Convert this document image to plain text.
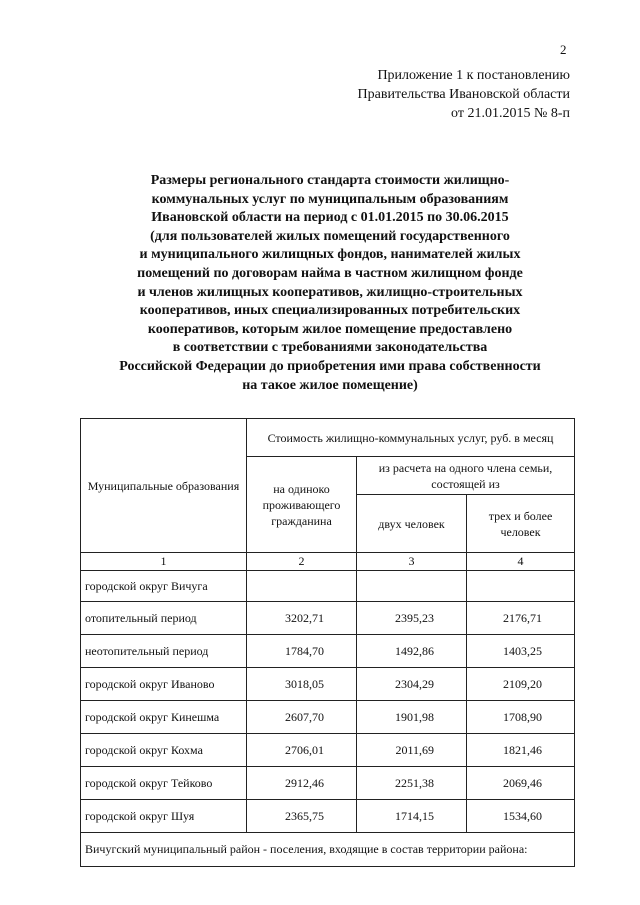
2
Приложение 1 к постановлению
Правительства Ивановской области
от 21.01.2015 № 8-п
Размеры регионального стандарта стоимости жилищно-
коммунальных услуг по муниципальным образованиям
Ивановской области на период с 01.01.2015 по 30.06.2015
(для пользователей жилых помещений государственного
и муниципального жилищных фондов, нанимателей жилых
помещений по договорам найма в частном жилищном фонде
и членов жилищных кооперативов, жилищно-строительных
кооперативов, иных специализированных потребительских
кооперативов, которым жилое помещение предоставлено
в соответствии с требованиями законодательства
Российской Федерации до приобретения ими права собственности
на такое жилое помещение)
Муниципальные образования	Стоимость жилищно-коммунальных услуг, руб. в месяц		
	на одиноко проживающего гражданина	из расчета на одного члена семьи, состоящей из	
		двух человек	трех и более человек
1	2	3	4
городской округ Вичуга			
отопительный период	3202,71	2395,23	2176,71
неотопительный период	1784,70	1492,86	1403,25
городской округ Иваново	3018,05	2304,29	2109,20
городской округ Кинешма	2607,70	1901,98	1708,90
городской округ Кохма	2706,01	2011,69	1821,46
городской округ Тейково	2912,46	2251,38	2069,46
городской округ Шуя	2365,75	1714,15	1534,60
Вичугский муниципальный район - поселения, входящие в состав территории района:			
